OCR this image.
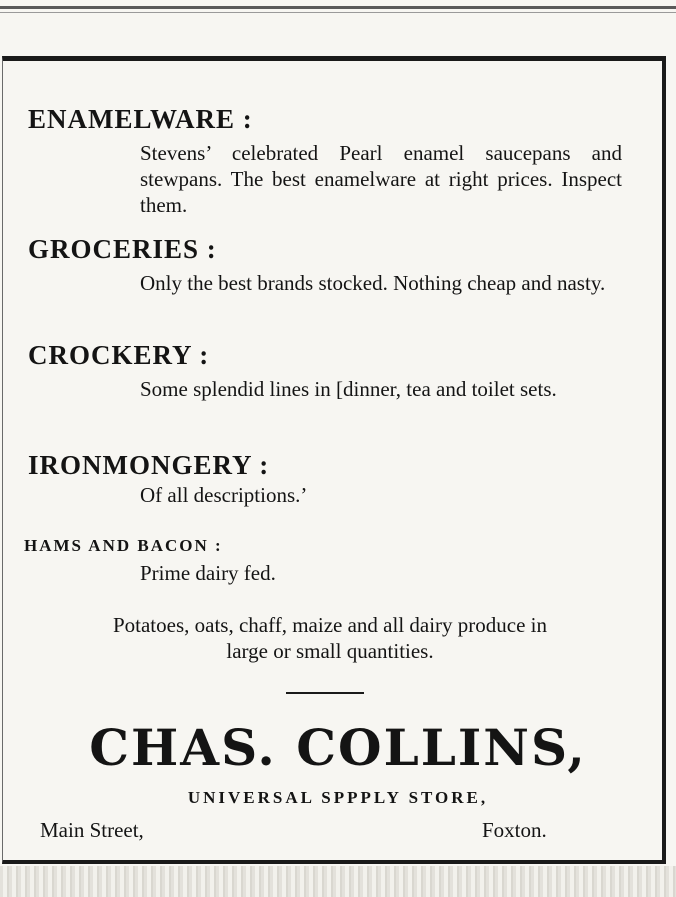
ENAMELWARE :
Stevens’ celebrated Pearl enamel saucepans and stewpans. The best enamelware at right prices. Inspect them.
GROCERIES :
Only the best brands stocked. Nothing cheap and nasty.
CROCKERY :
Some splendid lines in [dinner, tea and toilet sets.
IRONMONGERY :
Of all descriptions.’
HAMS AND BACON :
Prime dairy fed.
Potatoes, oats, chaff, maize and all dairy produce in
large or small quantities.
CHAS. COLLINS,
UNIVERSAL SPPPLY STORE,
Main Street,	Foxton.
